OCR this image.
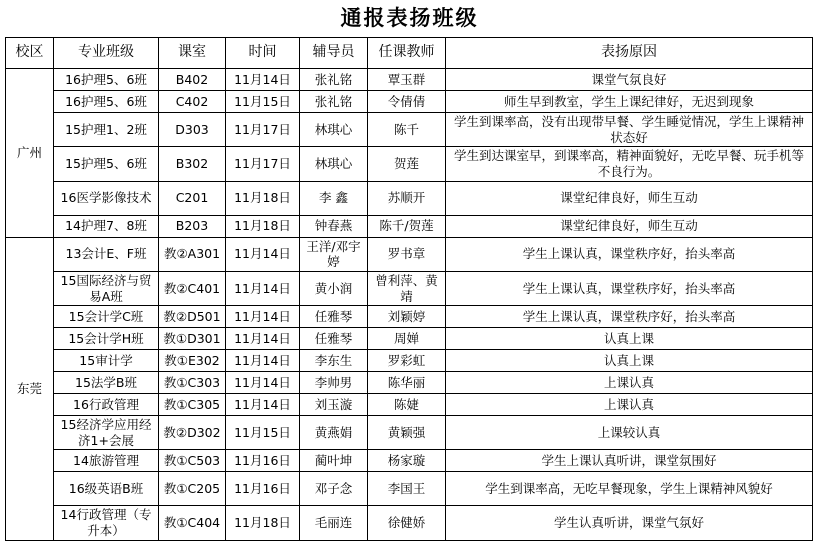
通报表扬班级
校区	专业班级	课室	时间	辅导员	任课教师	表扬原因
广州	16护理5、6班	B402	11月14日	张礼铭	覃玉群	课堂气氛良好
	16护理5、6班	C402	11月15日	张礼铭	令倩倩	师生早到教室，学生上课纪律好，无迟到现象
	15护理1、2班	D303	11月17日	林琪心	陈千	学生到课率高，没有出现带早餐、学生睡觉情况，学生上课精神状态好
	15护理5、6班	B302	11月17日	林琪心	贺莲	学生到达课室早，到课率高，精神面貌好，无吃早餐、玩手机等不良行为。
	16医学影像技术	C201	11月18日	李 鑫	苏顺开	课堂纪律良好，师生互动
	14护理7、8班	B203	11月18日	钟春燕	陈千/贺莲	课堂纪律良好，师生互动
东莞	13会计E、F班	教②A301	11月14日	王洋/邓宇婷	罗书章	学生上课认真，课堂秩序好，抬头率高
	15国际经济与贸易A班	教②C401	11月14日	黄小润	曾利萍、黄靖	学生上课认真，课堂秩序好，抬头率高
	15会计学C班	教②D501	11月14日	任雅琴	刘颖婷	学生上课认真，课堂秩序好，抬头率高
	15会计学H班	教①D301	11月14日	任雅琴	周婵	认真上课
	15审计学	教①E302	11月14日	李东生	罗彩虹	认真上课
	15法学B班	教①C303	11月14日	李帅男	陈华丽	上课认真
	16行政管理	教①C305	11月14日	刘玉漩	陈婕	上课认真
	15经济学应用经济1+会展	教②D302	11月15日	黄燕娟	黄颖强	上课较认真
	14旅游管理	教①C503	11月16日	蔺叶坤	杨家璇	学生上课认真听讲，课堂氛围好
	16级英语B班	教①C205	11月16日	邓子念	李国王	学生到课率高，无吃早餐现象，学生上课精神风貌好
	14行政管理（专升本）	教①C404	11月18日	毛丽连	徐健娇	学生认真听讲，课堂气氛好
